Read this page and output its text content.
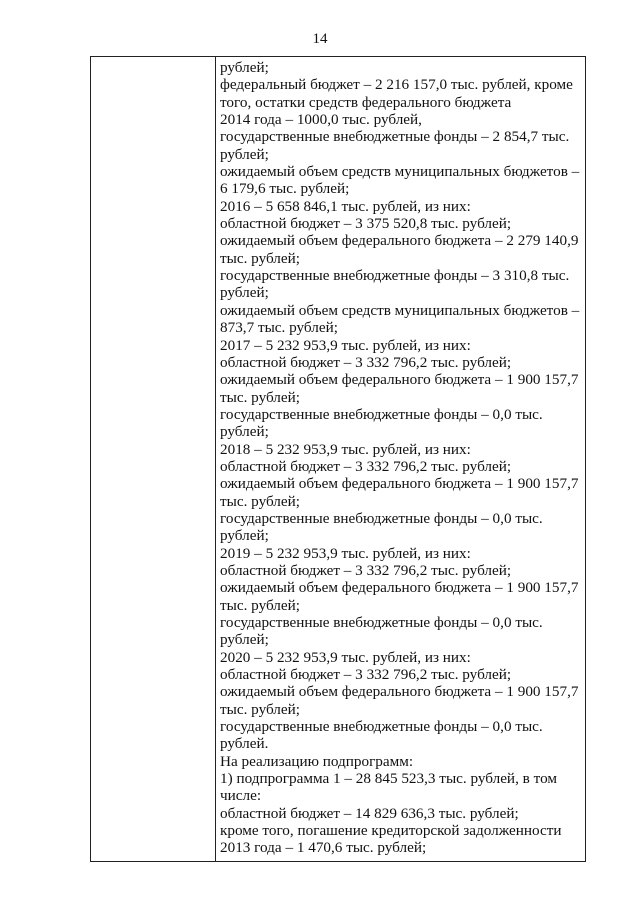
14
рублей;
федеральный бюджет – 2 216 157,0 тыс. рублей, кроме
того, остатки средств федерального бюджета
2014 года – 1000,0 тыс. рублей,
государственные внебюджетные фонды – 2 854,7 тыс.
рублей;
ожидаемый объем средств муниципальных бюджетов –
6 179,6 тыс. рублей;
2016 – 5 658 846,1 тыс. рублей, из них:
областной бюджет – 3 375 520,8 тыс. рублей;
ожидаемый объем федерального бюджета – 2 279 140,9
тыс. рублей;
государственные внебюджетные фонды – 3 310,8 тыс.
рублей;
ожидаемый объем средств муниципальных бюджетов –
873,7 тыс. рублей;
2017 – 5 232 953,9 тыс. рублей, из них:
областной бюджет – 3 332 796,2 тыс. рублей;
ожидаемый объем федерального бюджета – 1 900 157,7
тыс. рублей;
государственные внебюджетные фонды – 0,0 тыс.
рублей;
2018 – 5 232 953,9 тыс. рублей, из них:
областной бюджет – 3 332 796,2 тыс. рублей;
ожидаемый объем федерального бюджета – 1 900 157,7
тыс. рублей;
государственные внебюджетные фонды – 0,0 тыс.
рублей;
2019 – 5 232 953,9 тыс. рублей, из них:
областной бюджет – 3 332 796,2 тыс. рублей;
ожидаемый объем федерального бюджета – 1 900 157,7
тыс. рублей;
государственные внебюджетные фонды – 0,0 тыс.
рублей;
2020 – 5 232 953,9 тыс. рублей, из них:
областной бюджет – 3 332 796,2 тыс. рублей;
ожидаемый объем федерального бюджета – 1 900 157,7
тыс. рублей;
государственные внебюджетные фонды – 0,0 тыс.
рублей.
На реализацию подпрограмм:
1) подпрограмма 1 – 28 845 523,3 тыс. рублей, в том
числе:
областной бюджет – 14 829 636,3 тыс. рублей;
кроме того, погашение кредиторской задолженности
2013 года – 1 470,6 тыс. рублей;
